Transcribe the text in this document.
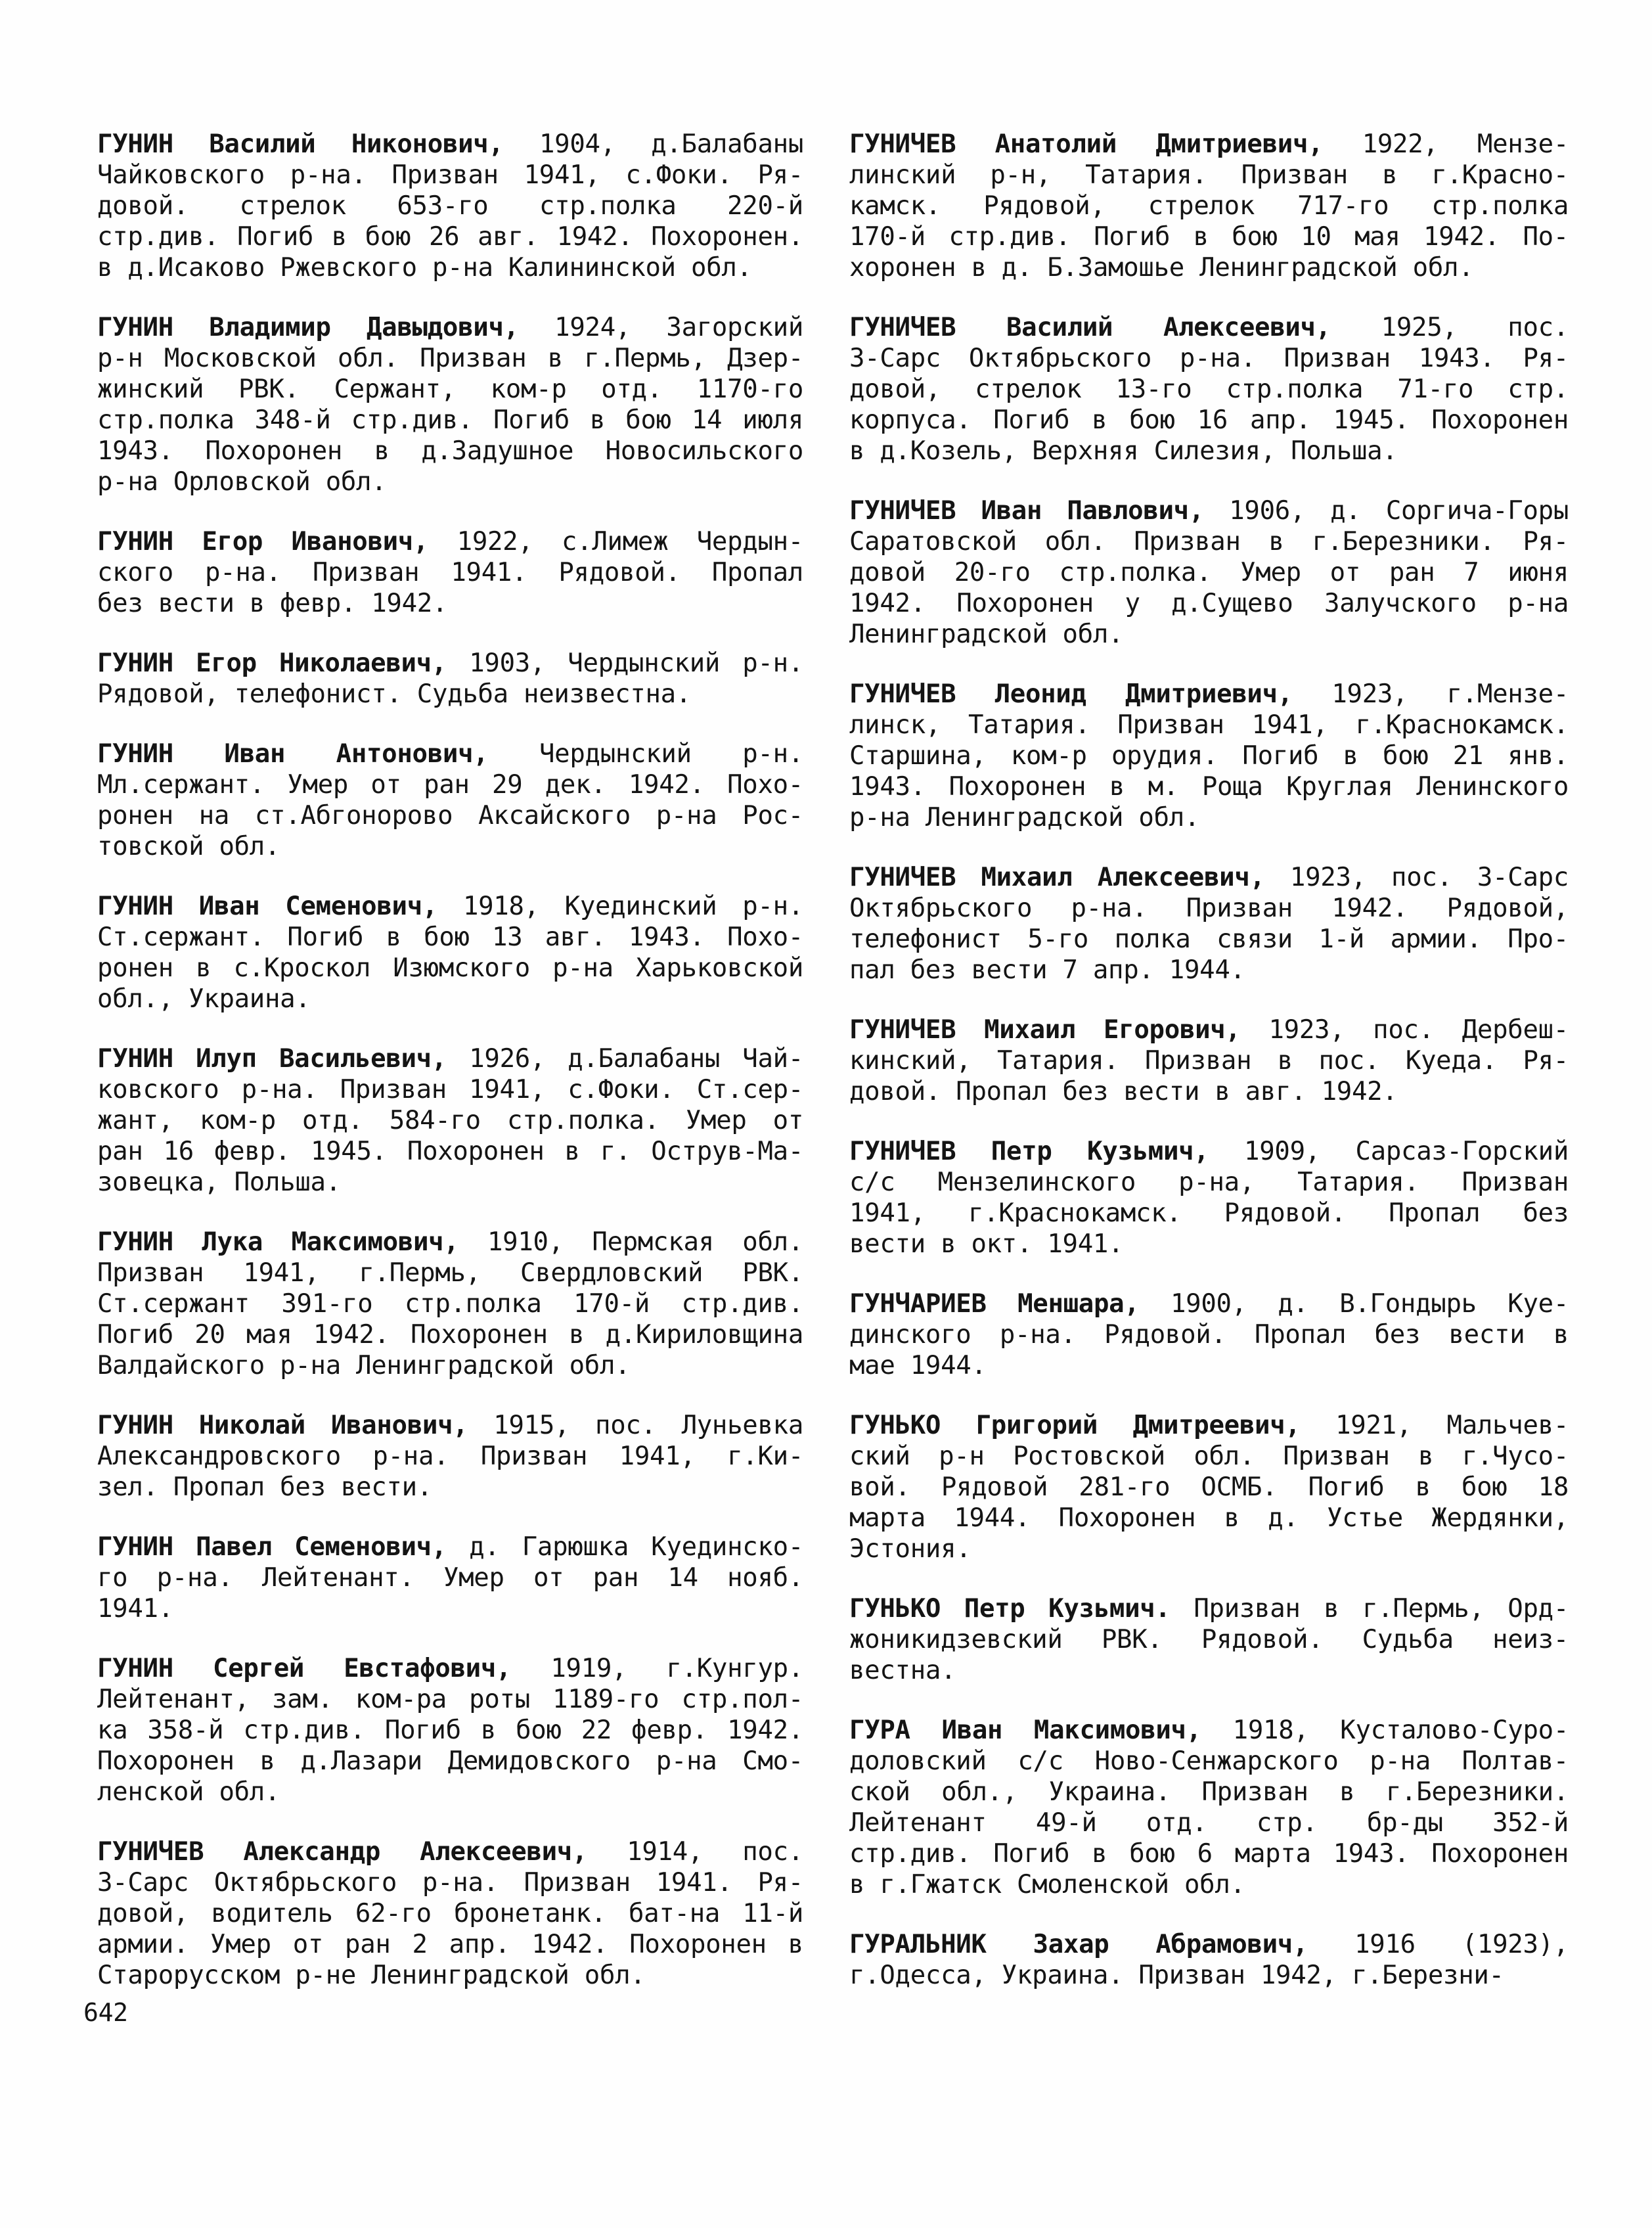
ГУНИН Василий Никонович, 1904, д.Балабаны
Чайковского р-на. Призван 1941, с.Фоки. Ря-
довой. стрелок 653-го стр.полка 220-й
стр.див. Погиб в бою 26 авг. 1942. Похоронен.
в д.Исаково Ржевского р-на Калининской обл.
ГУНИН Владимир Давыдович, 1924, Загорский
р-н Московской обл. Призван в г.Пермь, Дзер-
жинский РВК. Сержант, ком-р отд. 1170-го
стр.полка 348-й стр.див. Погиб в бою 14 июля
1943. Похоронен в д.Задушное Новосильского
р-на Орловской обл.
ГУНИН Егор Иванович, 1922, с.Лимеж Чердын-
ского р-на. Призван 1941. Рядовой. Пропал
без вести в февр. 1942.
ГУНИН Егор Николаевич, 1903, Чердынский р-н.
Рядовой, телефонист. Судьба неизвестна.
ГУНИН Иван Антонович, Чердынский р-н.
Мл.сержант. Умер от ран 29 дек. 1942. Похо-
ронен на ст.Абгонорово Аксайского р-на Рос-
товской обл.
ГУНИН Иван Семенович, 1918, Куединский р-н.
Ст.сержант. Погиб в бою 13 авг. 1943. Похо-
ронен в с.Кроскол Изюмского р-на Харьковской
обл., Украина.
ГУНИН Илуп Васильевич, 1926, д.Балабаны Чай-
ковского р-на. Призван 1941, с.Фоки. Ст.сер-
жант, ком-р отд. 584-го стр.полка. Умер от
ран 16 февр. 1945. Похоронен в г. Острув-Ма-
зовецка, Польша.
ГУНИН Лука Максимович, 1910, Пермская обл.
Призван 1941, г.Пермь, Свердловский РВК.
Ст.сержант 391-го стр.полка 170-й стр.див.
Погиб 20 мая 1942. Похоронен в д.Кириловщина
Валдайского р-на Ленинградской обл.
ГУНИН Николай Иванович, 1915, пос. Луньевка
Александровского р-на. Призван 1941, г.Ки-
зел. Пропал без вести.
ГУНИН Павел Семенович, д. Гарюшка Куединско-
го р-на. Лейтенант. Умер от ран 14 нояб.
1941.
ГУНИН Сергей Евстафович, 1919, г.Кунгур.
Лейтенант, зам. ком-ра роты 1189-го стр.пол-
ка 358-й стр.див. Погиб в бою 22 февр. 1942.
Похоронен в д.Лазари Демидовского р-на Смо-
ленской обл.
ГУНИЧЕВ Александр Алексеевич, 1914, пос.
3-Сарс Октябрьского р-на. Призван 1941. Ря-
довой, водитель 62-го бронетанк. бат-на 11-й
армии. Умер от ран 2 апр. 1942. Похоронен в
Старорусском р-не Ленинградской обл.
ГУНИЧЕВ Анатолий Дмитриевич, 1922, Мензе-
линский р-н, Татария. Призван в г.Красно-
камск. Рядовой, стрелок 717-го стр.полка
170-й стр.див. Погиб в бою 10 мая 1942. По-
хоронен в д. Б.Замошье Ленинградской обл.
ГУНИЧЕВ Василий Алексеевич, 1925, пос.
3-Сарс Октябрьского р-на. Призван 1943. Ря-
довой, стрелок 13-го стр.полка 71-го стр.
корпуса. Погиб в бою 16 апр. 1945. Похоронен
в д.Козель, Верхняя Силезия, Польша.
ГУНИЧЕВ Иван Павлович, 1906, д. Соргича-Горы
Саратовской обл. Призван в г.Березники. Ря-
довой 20-го стр.полка. Умер от ран 7 июня
1942. Похоронен у д.Сущево Залучского р-на
Ленинградской обл.
ГУНИЧЕВ Леонид Дмитриевич, 1923, г.Мензе-
линск, Татария. Призван 1941, г.Краснокамск.
Старшина, ком-р орудия. Погиб в бою 21 янв.
1943. Похоронен в м. Роща Круглая Ленинского
р-на Ленинградской обл.
ГУНИЧЕВ Михаил Алексеевич, 1923, пос. 3-Сарс
Октябрьского р-на. Призван 1942. Рядовой,
телефонист 5-го полка связи 1-й армии. Про-
пал без вести 7 апр. 1944.
ГУНИЧЕВ Михаил Егорович, 1923, пос. Дербеш-
кинский, Татария. Призван в пос. Куеда. Ря-
довой. Пропал без вести в авг. 1942.
ГУНИЧЕВ Петр Кузьмич, 1909, Сарсаз-Горский
с/с Мензелинского р-на, Татария. Призван
1941, г.Краснокамск. Рядовой. Пропал без
вести в окт. 1941.
ГУНЧАРИЕВ Меншара, 1900, д. В.Гондырь Куе-
динского р-на. Рядовой. Пропал без вести в
мае 1944.
ГУНЬКО Григорий Дмитреевич, 1921, Мальчев-
ский р-н Ростовской обл. Призван в г.Чусо-
вой. Рядовой 281-го ОСМБ. Погиб в бою 18
марта 1944. Похоронен в д. Устье Жердянки,
Эстония.
ГУНЬКО Петр Кузьмич. Призван в г.Пермь, Орд-
жоникидзевский РВК. Рядовой. Судьба неиз-
вестна.
ГУРА Иван Максимович, 1918, Кусталово-Суро-
доловский с/с Ново-Сенжарского р-на Полтав-
ской обл., Украина. Призван в г.Березники.
Лейтенант 49-й отд. стр. бр-ды 352-й
стр.див. Погиб в бою 6 марта 1943. Похоронен
в г.Гжатск Смоленской обл.
ГУРАЛЬНИК Захар Абрамович, 1916 (1923),
г.Одесса, Украина. Призван 1942, г.Березни-
642
